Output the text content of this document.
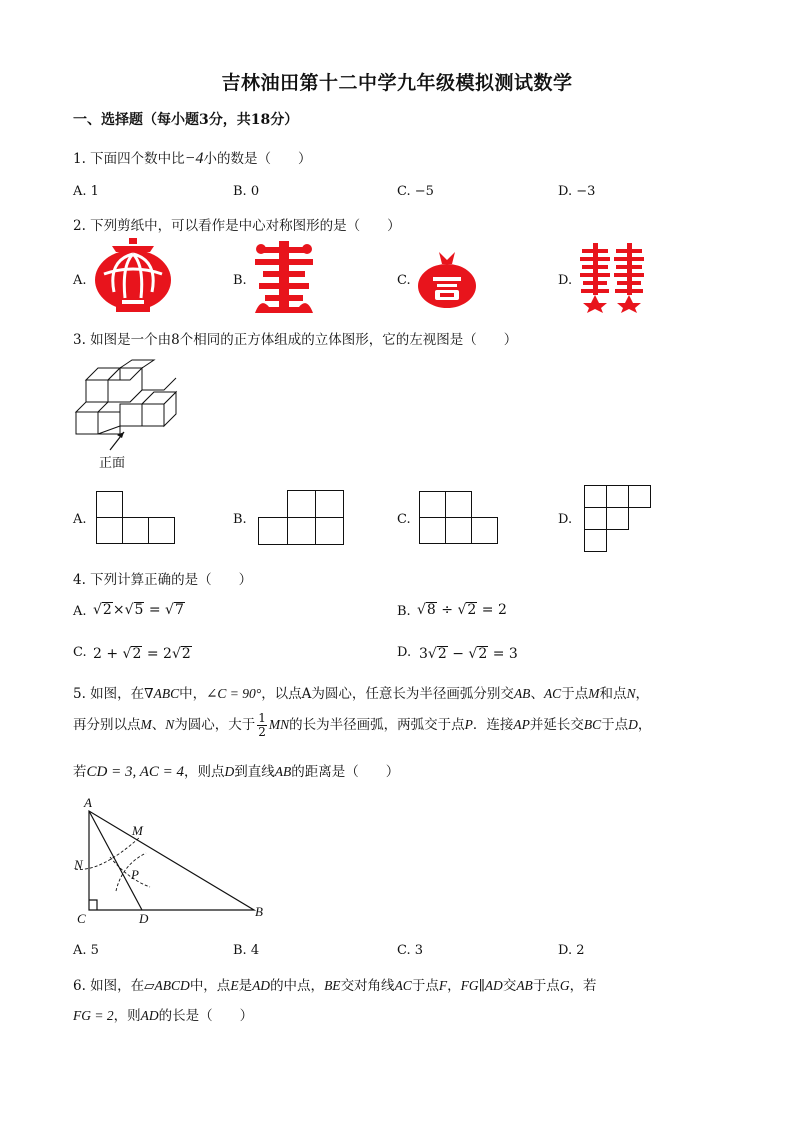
吉林油田第十二中学九年级模拟测试数学
一、选择题（每小题3分，共18分）
1. 下面四个数中比−4小的数是（　　）
A. 1	B. 0	C. −5	D. −3
2. 下列剪纸中，可以看作是中心对称图形的是（　　）
A.	B.	C.	D.
3. 如图是一个由8个相同的正方体组成的立体图形，它的左视图是（　　）
正面
A.	B.	C.	D.
4. 下列计算正确的是（　　）
A. √2×√5 = √7	B. √8 ÷ √2 = 2
C. 2 + √2 = 2√2	D. 3√2 − √2 = 3
5. 如图，在∇ABC中，∠C = 90°，以点A为圆心，任意长为半径画弧分别交AB、AC于点M和点N，
再分别以点M、N为圆心，大于 $\frac{1}{2}$ MN的长为半径画弧，两弧交于点P．连接AP并延长交BC于点D，
若CD = 3, AC = 4，则点D到直线AB的距离是（　　）
A
M
N
P
C	D	B
A. 5	B. 4	C. 3	D. 2
6. 如图，在▱ABCD中，点E是AD的中点，BE交对角线AC于点F，FG∥AD交AB于点G，若
FG = 2，则AD的长是（　　）
